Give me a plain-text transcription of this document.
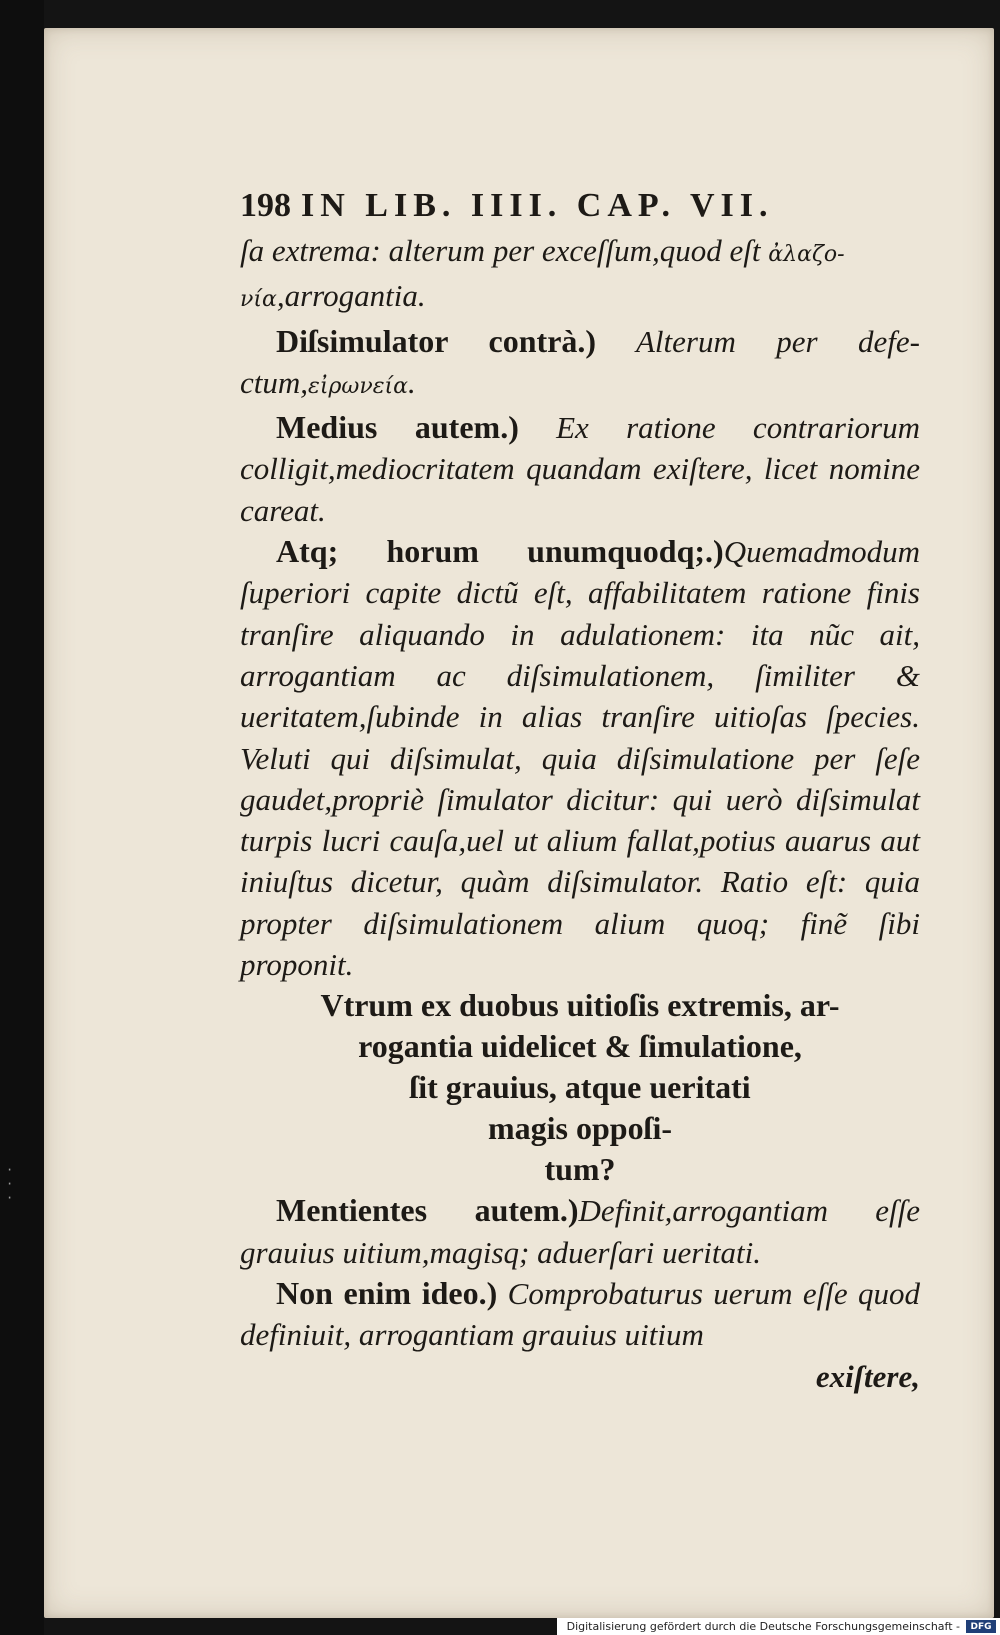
· · ·
198 IN LIB. IIII. CAP. VII.

ſa extrema: alterum per exceſſum,quod eſt ἀλαζο-
νία,arrogantia.

Diſsimulator contrà.) Alterum per defe-ctum,εἰρωνεία.

Medius autem.) Ex ratione contrariorum colligit,mediocritatem quandam exiſtere, licet nomine careat.

Atq; horum unumquodq;.)Quemadmodum ſuperiori capite dictũ eſt, affabilitatem ratione finis tranſire aliquando in adulationem: ita nũc ait, arrogantiam ac diſsimulationem, ſimiliter & ueritatem,ſubinde in alias tranſire uitioſas ſpecies. Veluti qui diſsimulat, quia diſsimulatione per ſeſe gaudet,propriè ſimulator dicitur: qui uerò diſsimulat turpis lucri cauſa,uel ut alium fallat,potius auarus aut iniuſtus dicetur, quàm diſsimulator. Ratio eſt: quia propter diſsimulationem alium quoq; finẽ ſibi proponit.

Vtrum ex duobus uitioſis extremis, ar-

rogantia uidelicet & ſimulatione,

ſit grauius, atque ueritati

magis oppoſi-

tum?

Mentientes autem.)Definit,arrogantiam eſſe grauius uitium,magisq; aduerſari ueritati.

Non enim ideo.) Comprobaturus uerum eſſe quod definiuit, arrogantiam grauius uitium

exiſtere,

Digitalisierung gefördert durch die Deutsche Forschungsgemeinschaft -	DFG
